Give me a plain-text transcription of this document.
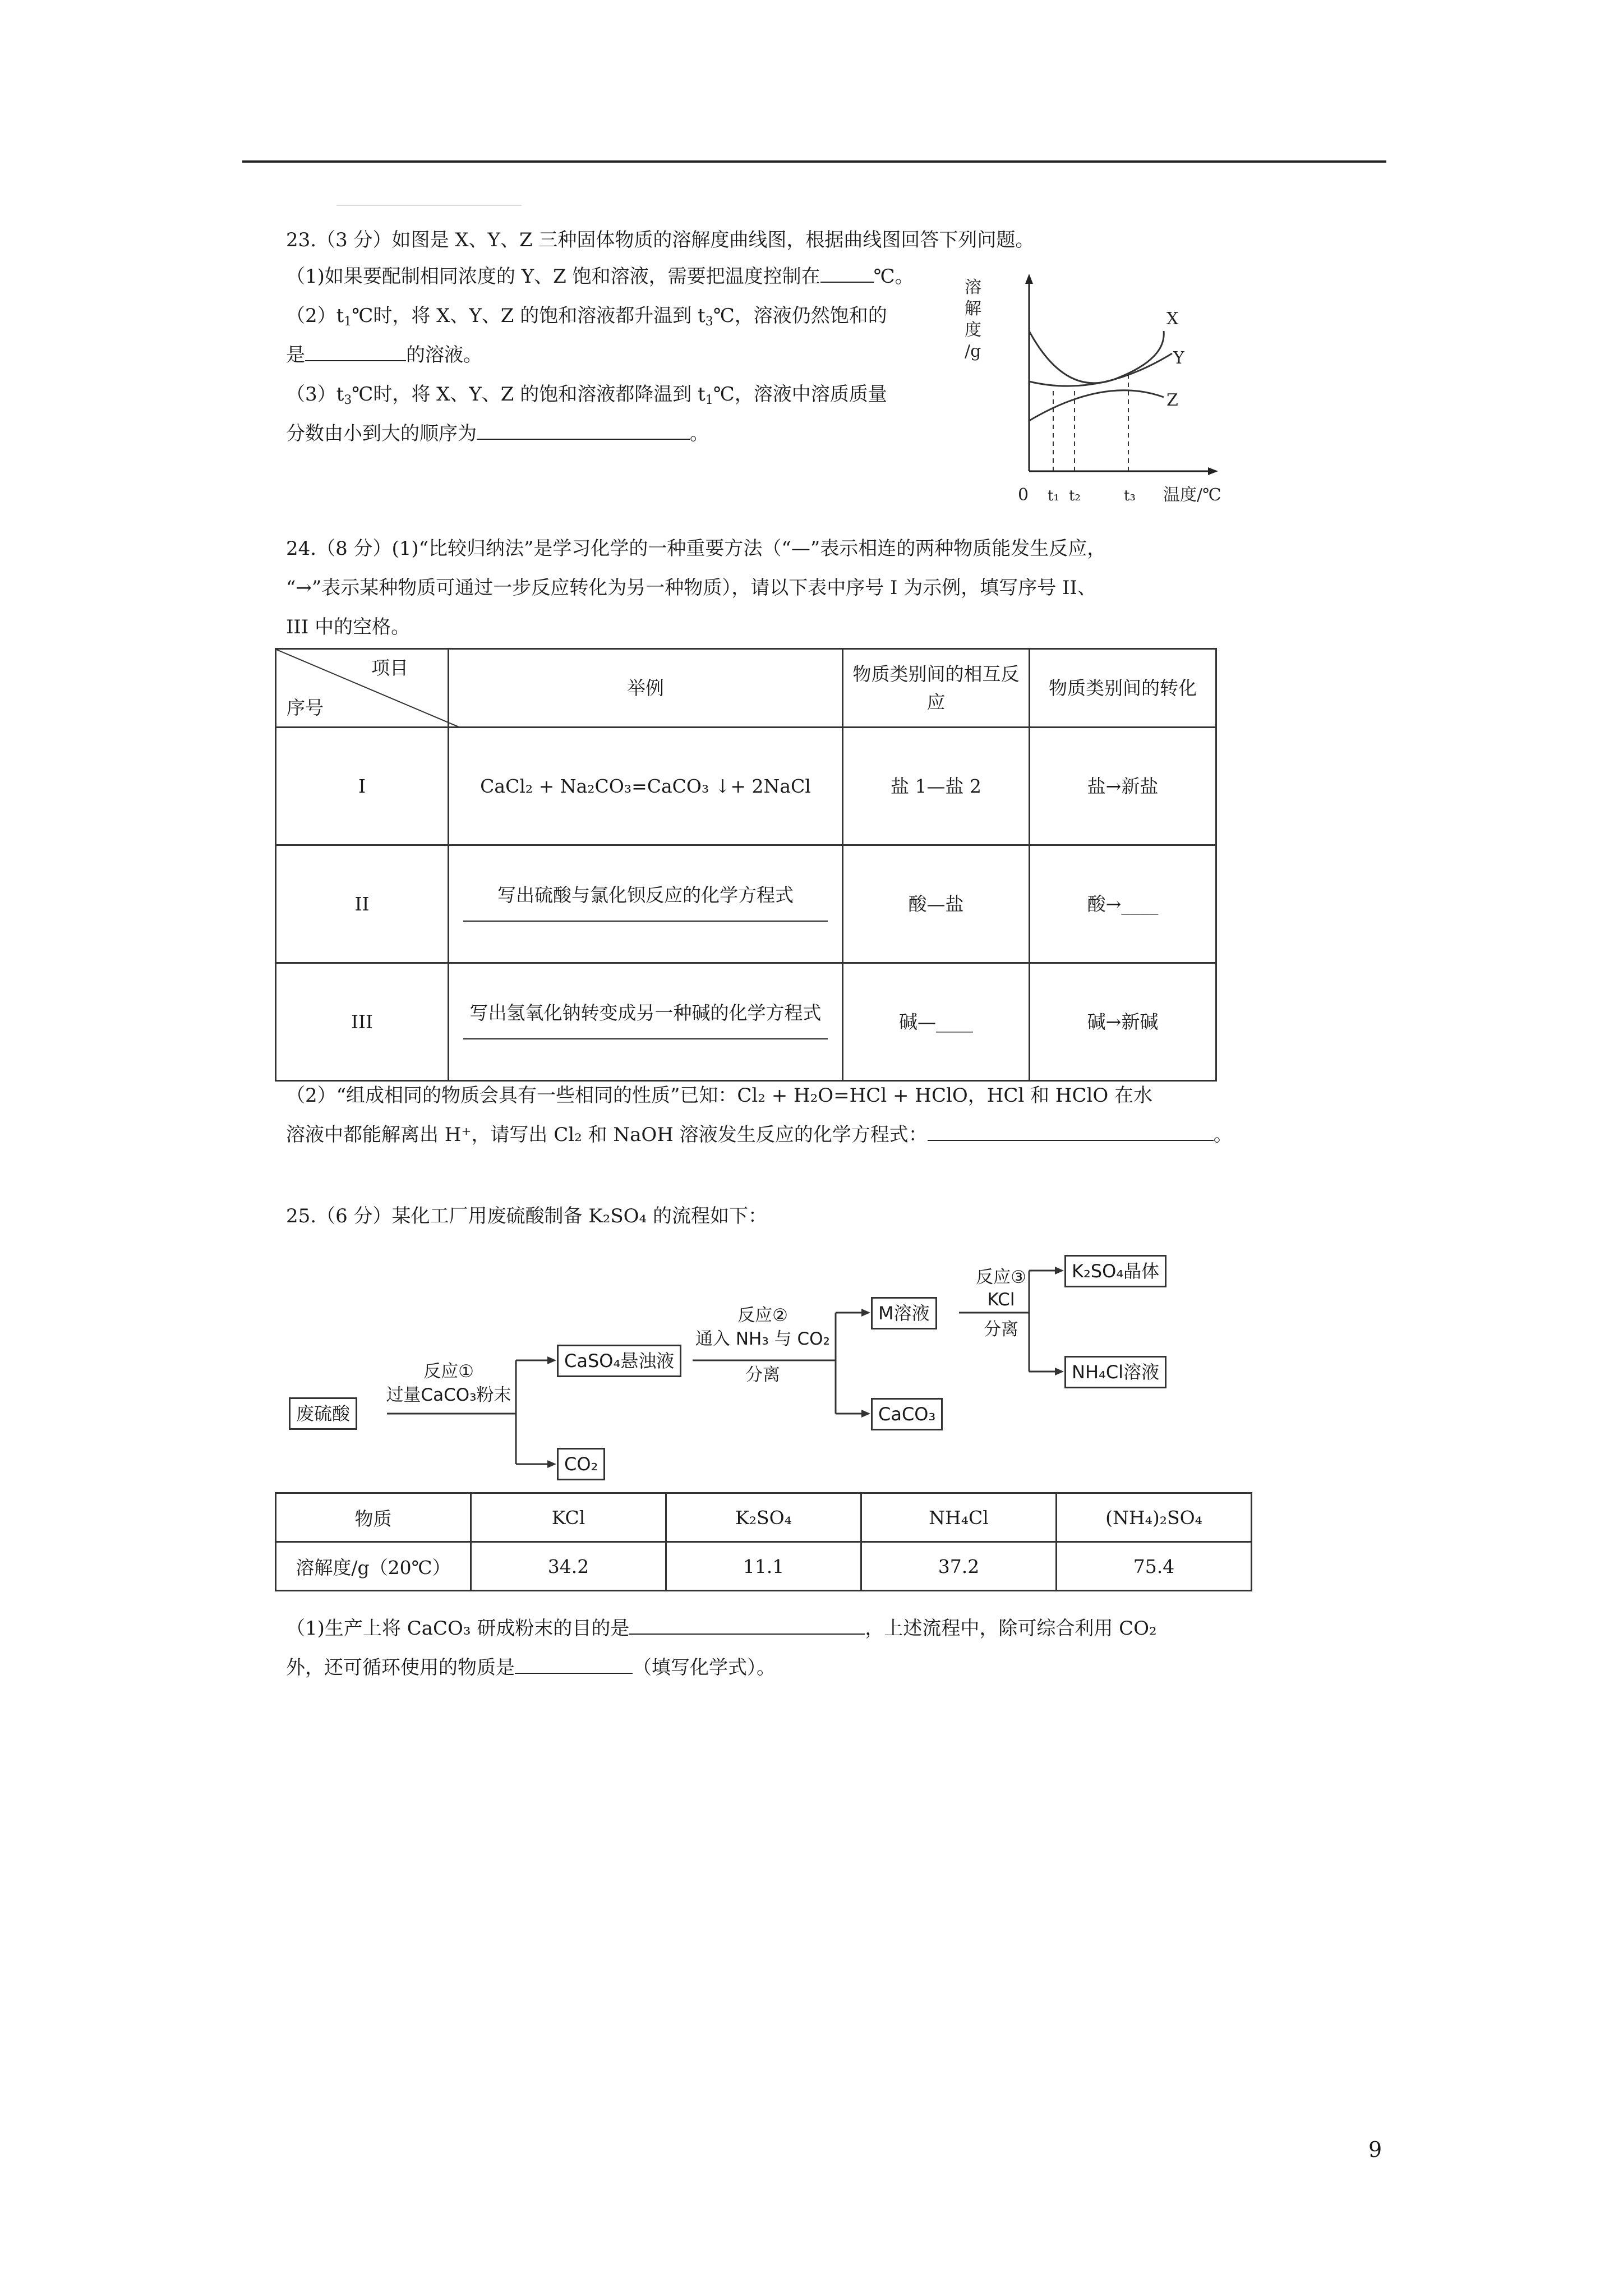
23.（3 分）如图是 X、Y、Z 三种固体物质的溶解度曲线图，根据曲线图回答下列问题。
（1)如果要配制相同浓度的 Y、Z 饱和溶液，需要把温度控制在	℃。
$(2)t_1℃$时，将 X、Y、Z 的饱和溶液都升温到 $t_3℃$，溶液仍然饱和的
是	的溶液。
$(3)t_3℃$时，将 X、Y、Z 的饱和溶液都降温到 $t_1℃$，溶液中溶质质量
分数由小到大的顺序为	。
溶
解
度
/g
0 t₁ t₂	t₃ 温度/℃
X
Y
Z
24.（8 分）(1)“比较归纳法”是学习化学的一种重要方法（“—”表示相连的两种物质能发生反应，
“→”表示某种物质可通过一步反应转化为另一种物质），请以下表中序号 I 为示例，填写序号 II、
III 中的空格。
项目
序号	举例	物质类别间的相互反应	物质类别间的转化
I	CaCl₂ + Na₂CO₃=CaCO₃ ↓+ 2NaCl	盐 1—盐 2	盐→新盐
II	写出硫酸与氯化钡反应的化学方程式	酸—盐	酸→____
III	写出氢氧化钠转变成另一种碱的化学方程式	碱—____	碱→新碱
（2）“组成相同的物质会具有一些相同的性质”已知：Cl₂ + H₂O=HCl + HClO，HCl 和 HClO 在水
溶液中都能解离出 H⁺，请写出 Cl₂ 和 NaOH 溶液发生反应的化学方程式：	。
25.（6 分）某化工厂用废硫酸制备 K₂SO₄ 的流程如下：
废硫酸
反应①
过量CaCO₃粉末
CaSO₄悬浊液
CO₂
反应②
通入 NH₃ 与 CO₂
分离
M溶液
CaCO₃
反应③
KCl
分离
K₂SO₄晶体
NH₄Cl溶液
物质	KCl	K₂SO₄	NH₄Cl	(NH₄)₂SO₄
溶解度/g（20℃）	34.2	11.1	37.2	75.4
（1)生产上将 CaCO₃ 研成粉末的目的是	，上述流程中，除可综合利用 CO₂
外，还可循环使用的物质是	（填写化学式）。
9
